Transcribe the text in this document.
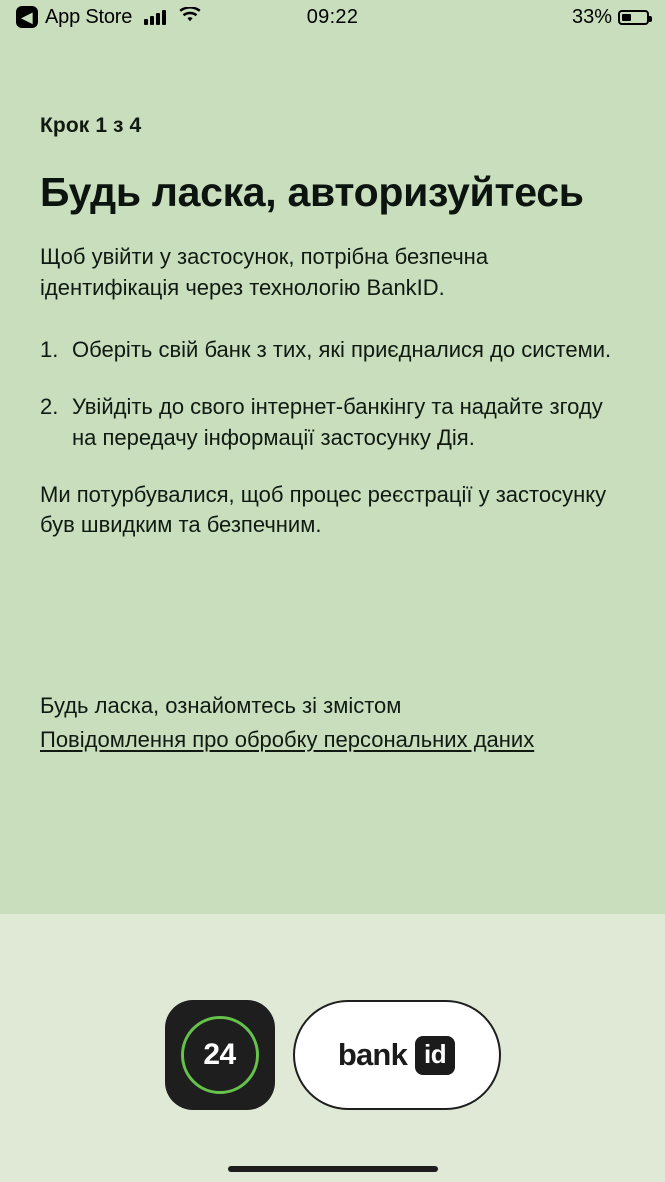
◀ App Store	09:22	33%
Крок 1 з 4
Будь ласка, авторизуйтесь

Щоб увійти у застосунок, потрібна безпечна ідентифікація через технологію BankID.

1. Оберіть свій банк з тих, які приєдналися до системи.
2. Увійдіть до свого інтернет-банкінгу та надайте згоду на передачу інформації застосунку Дія.

Ми потурбувалися, щоб процес реєстрації у застосунку був швидким та безпечним.

Будь ласка, ознайомтесь зі змістом
Повідомлення про обробку персональних даних
24	bank id
